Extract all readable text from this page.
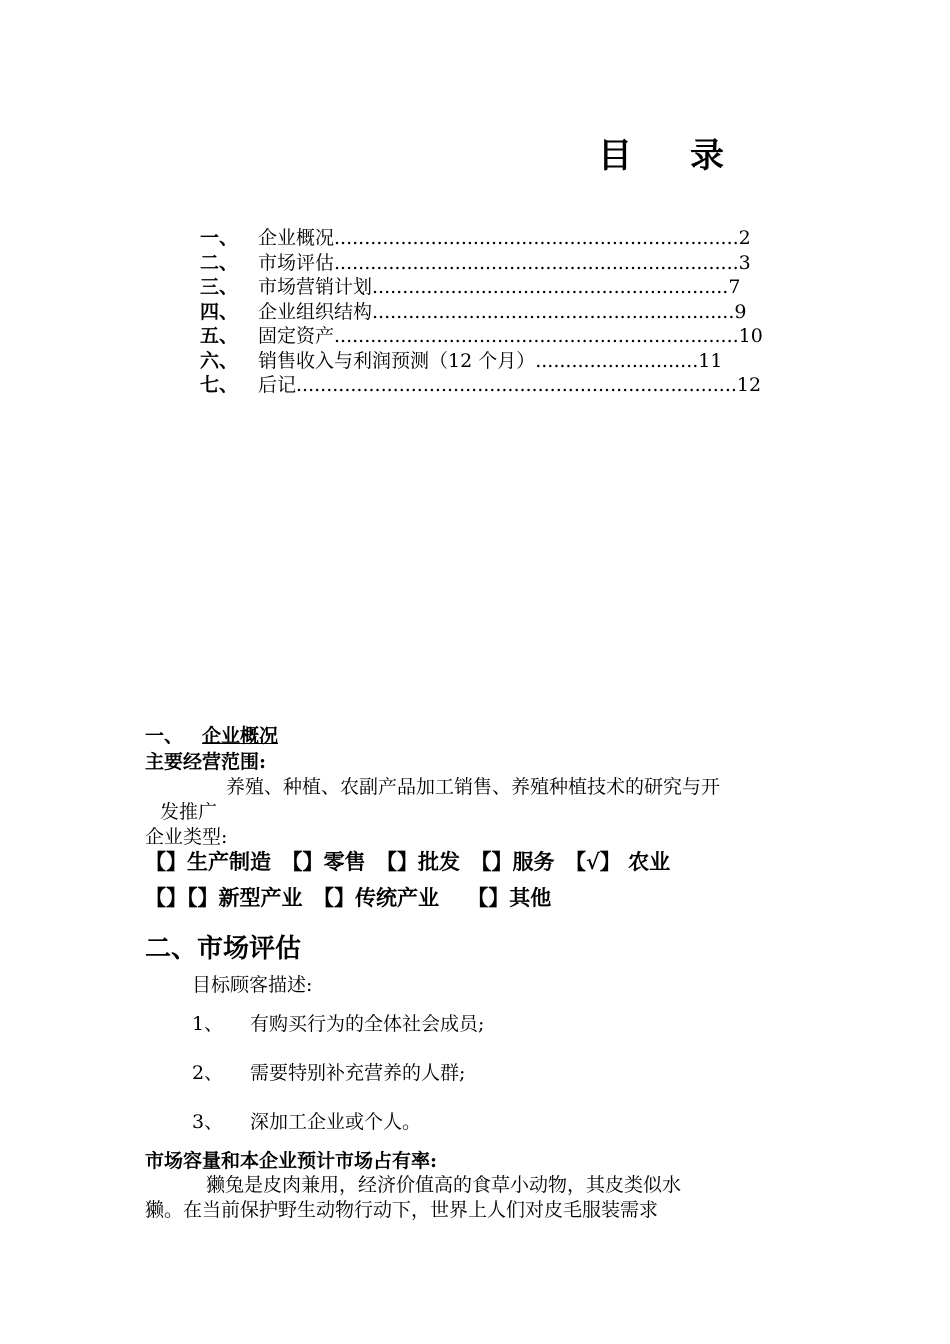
目 录
一、	企业概况 ................................................................... 2
二、	市场评估 ................................................................... 3
三、	市场营销计划 ........................................................... 7
四、	企业组织结构 ............................................................ 9
五、	固定资产 ................................................................... 10
六、	销售收入与利润预测（12 个月） ........................... 11
七、	后记 ......................................................................... 12
一、 企业概况
主要经营范围:
养殖、种植、农副产品加工销售、养殖种植技术的研究与开
发推广
企业类型:
【】生产制造　【】零售　【】批发　【】服务　【√】 农业
【】【】新型产业　【】传统产业　 【】其他
二、市场评估
目标顾客描述:
1、 有购买行为的全体社会成员;
2、 需要特别补充营养的人群;
3、 深加工企业或个人。
市场容量和本企业预计市场占有率:
獭兔是皮肉兼用，经济价值高的食草小动物，其皮类似水
獭。在当前保护野生动物行动下，世界上人们对皮毛服装需求
